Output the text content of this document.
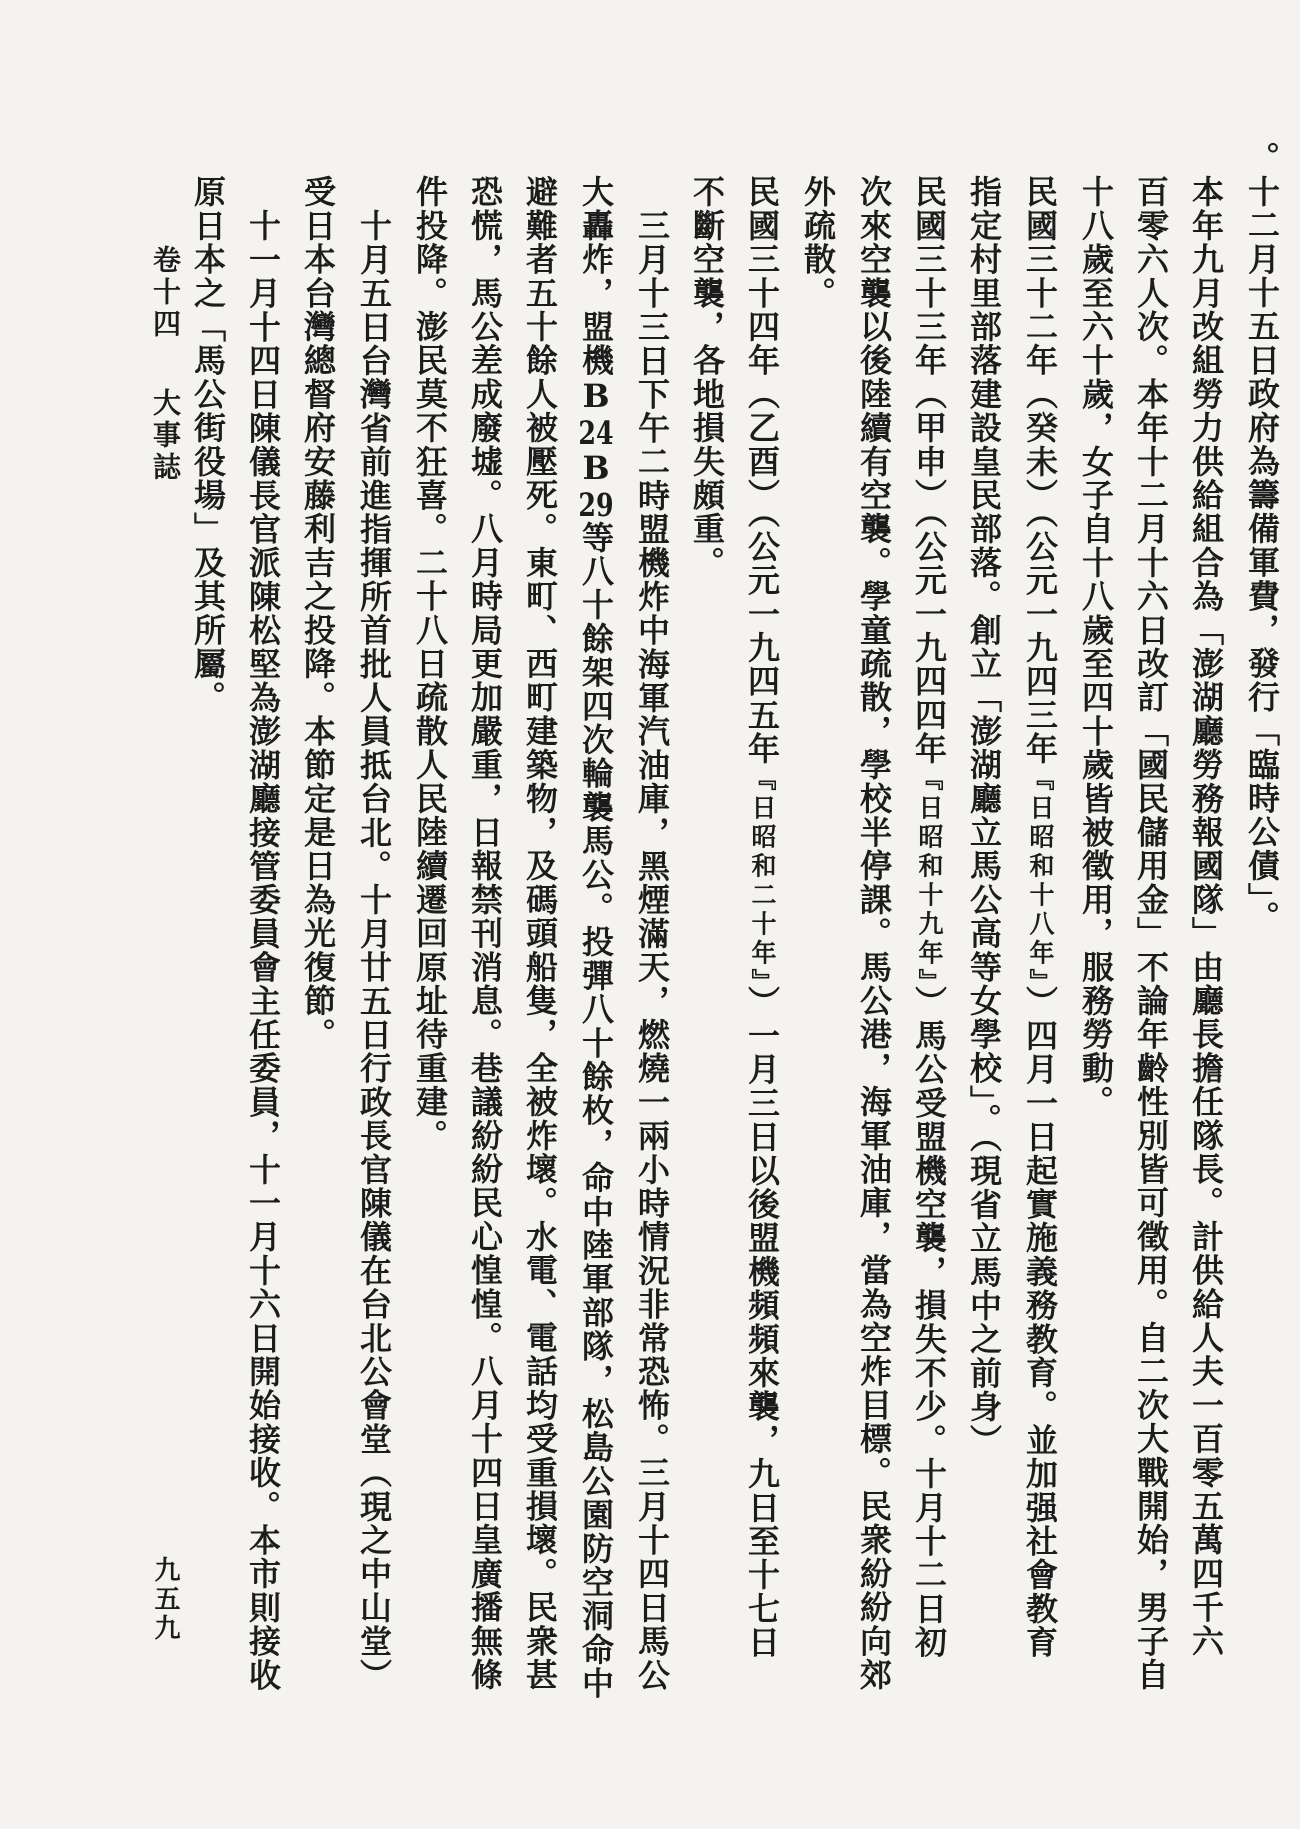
。十二月十五日政府為籌備軍費，發行「臨時公債」。
本年九月改組勞力供給組合為「澎湖廳勞務報國隊」由廳長擔任隊長。計供給人夫一百零五萬四千六
百零六人次。本年十二月十六日改訂「國民儲用金」不論年齡性別皆可徵用。自二次大戰開始，男子自
十八歲至六十歲，女子自十八歲至四十歲皆被徵用，服務勞動。
民國三十二年（癸未）（公元一九四三年『日昭和十八年』）四月一日起實施義務教育。並加强社會教育
指定村里部落建設皇民部落。創立「澎湖廳立馬公高等女學校」。（現省立馬中之前身）
民國三十三年（甲申）（公元一九四四年『日昭和十九年』）馬公受盟機空襲，損失不少。十月十二日初
次來空襲以後陸續有空襲。學童疏散，學校半停課。馬公港，海軍油庫，當為空炸目標。民衆紛紛向郊
外疏散。
民國三十四年（乙酉）（公元一九四五年『日昭和二十年』）一月三日以後盟機頻頻來襲，九日至十七日
不斷空襲，各地損失頗重。
三月十三日下午二時盟機炸中海軍汽油庫，黑煙滿天，燃燒一兩小時情況非常恐怖。三月十四日馬公
大轟炸，盟機B24B29等八十餘架四次輪襲馬公。投彈八十餘枚，命中陸軍部隊，松島公園防空洞命中
避難者五十餘人被壓死。東町、西町建築物，及碼頭船隻，全被炸壞。水電、電話均受重損壞。民衆甚
恐慌，馬公差成廢墟。八月時局更加嚴重，日報禁刊消息。巷議紛紛民心惶惶。八月十四日皇廣播無條
件投降。澎民莫不狂喜。二十八日疏散人民陸續遷回原址待重建。
十月五日台灣省前進指揮所首批人員抵台北。十月廿五日行政長官陳儀在台北公會堂（現之中山堂）
受日本台灣總督府安藤利吉之投降。本節定是日為光復節。
十一月十四日陳儀長官派陳松堅為澎湖廳接管委員會主任委員，十一月十六日開始接收。本市則接收
原日本之「馬公街役場」及其所屬。
卷十四
大事誌
九五九
